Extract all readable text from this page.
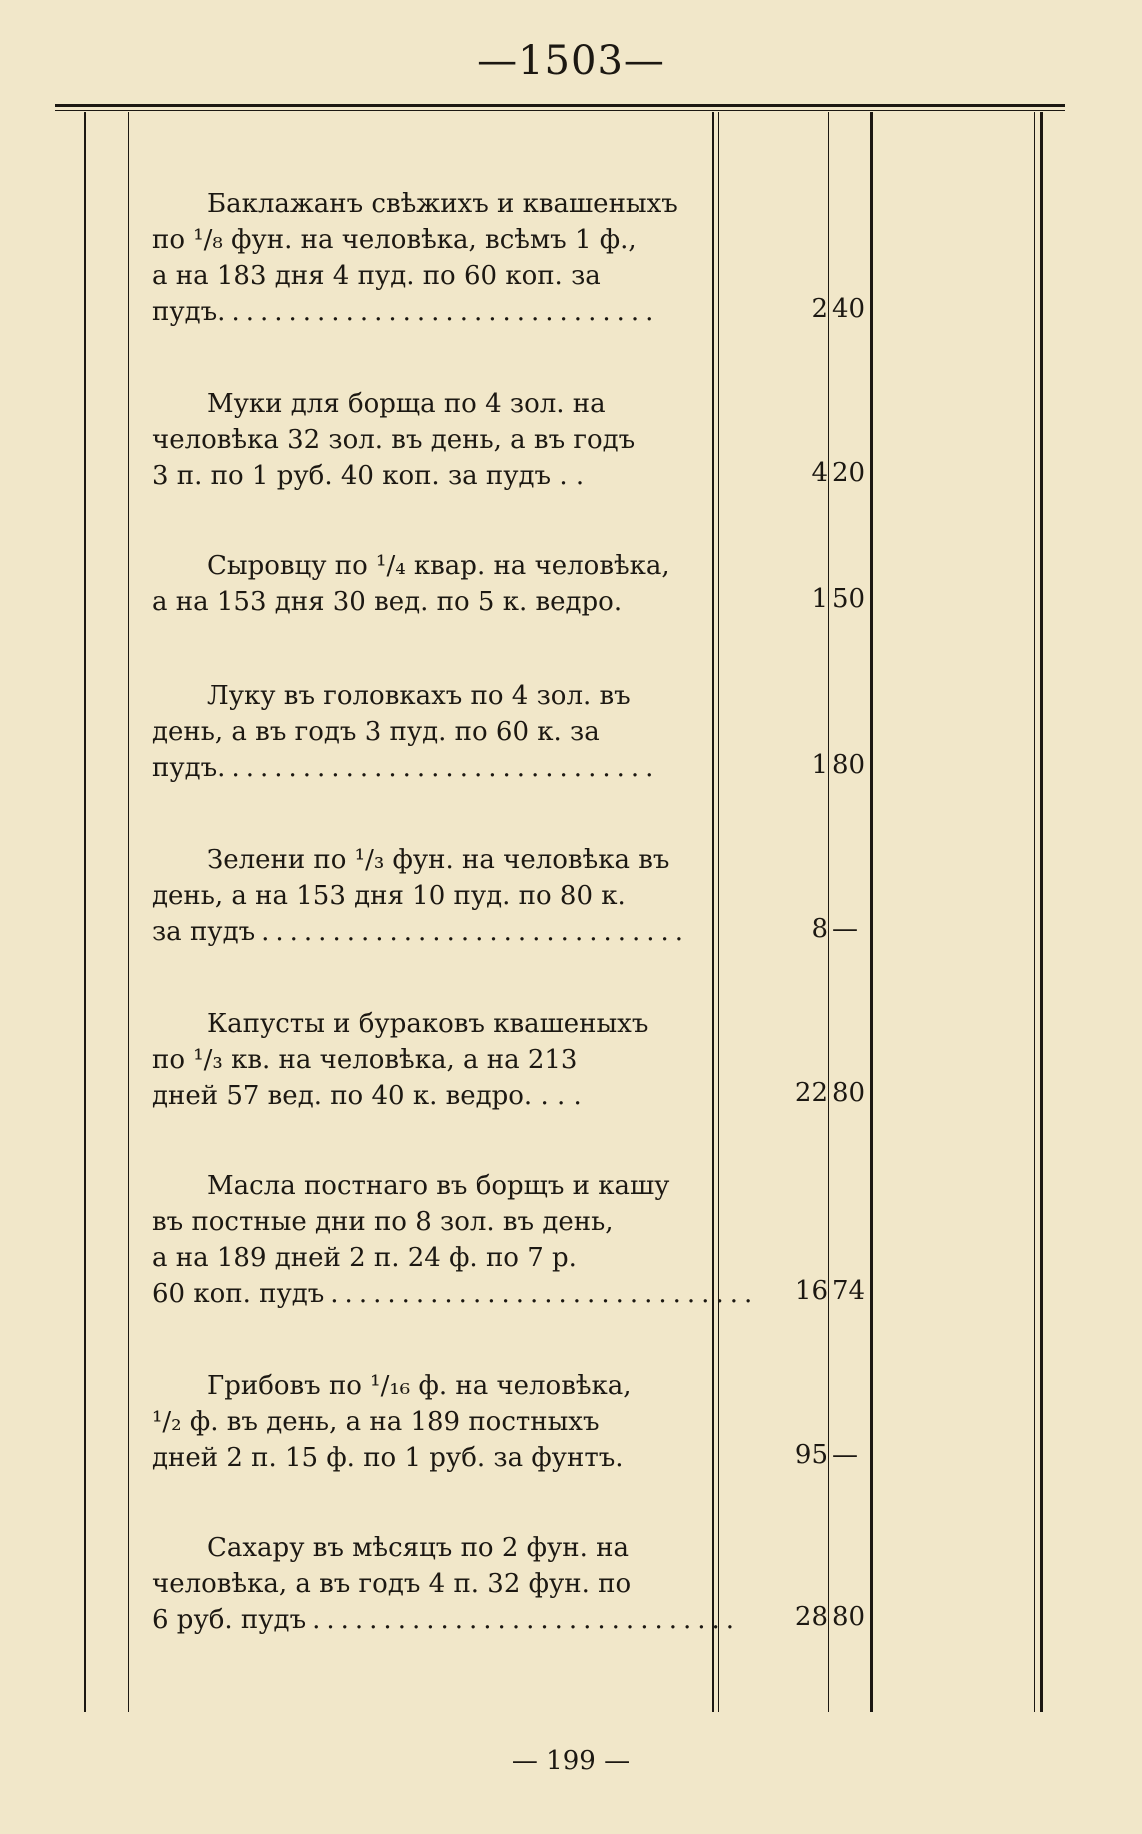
—1503—
Баклажанъ свѣжихъ и квашеныхъ
по ¹/₈ фун. на человѣка, всѣмъ 1 ф.,
а на 183 дня 4 пуд. по 60 коп. за
пудъ. ..............................	2 40
Муки для борща по 4 зол. на
человѣка 32 зол. въ день, а въ годъ
3 п. по 1 руб. 40 коп. за пудъ . .	4 20
Сыровцу по ¹/₄ квар. на человѣка,
а на 153 дня 30 вед. по 5 к. ведро.	1 50
Луку въ головкахъ по 4 зол. въ
день, а въ годъ 3 пуд. по 60 к. за
пудъ. ..............................	1 80
Зелени по ¹/₃ фун. на человѣка въ
день, а на 153 дня 10 пуд. по 80 к.
за пудъ ..............................	8 —
Капусты и бураковъ квашеныхъ
по ¹/₃ кв. на человѣка, а на 213
дней 57 вед. по 40 к. ведро. . . .	22 80
Масла постнаго въ борщъ и кашу
въ постные дни по 8 зол. въ день,
а на 189 дней 2 п. 24 ф. по 7 р.
60 коп. пудъ ..............................	16 74
Грибовъ по ¹/₁₆ ф. на человѣка,
¹/₂ ф. въ день, а на 189 постныхъ
дней 2 п. 15 ф. по 1 руб. за фунтъ.	95 —
Сахару въ мѣсяцъ по 2 фун. на
человѣка, а въ годъ 4 п. 32 фун. по
6 руб. пудъ ..............................	28 80
— 199 —
